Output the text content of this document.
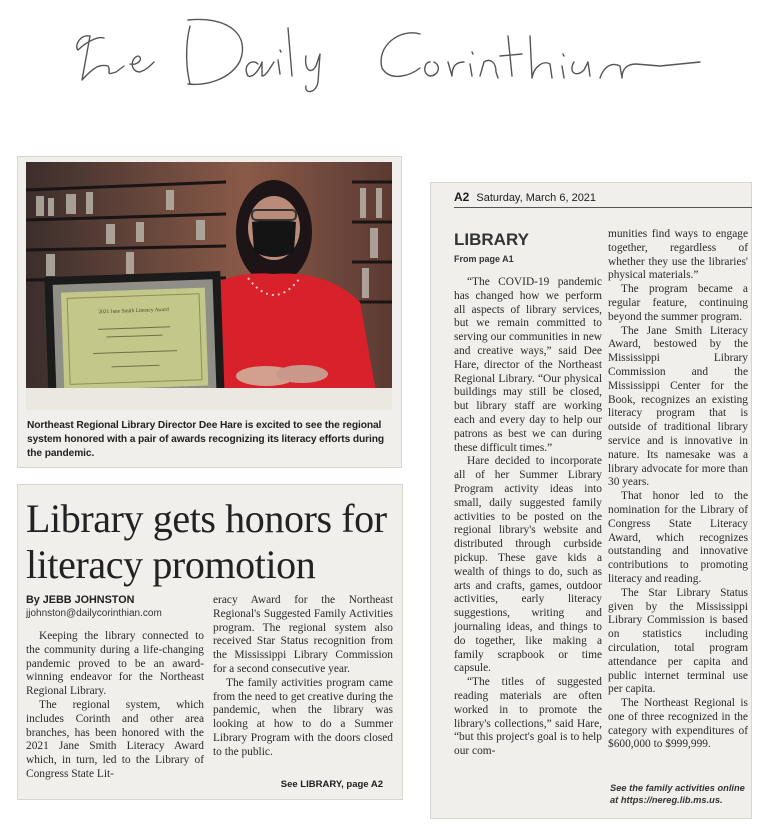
2021 Jane Smith Literacy Award
Northeast Regional Library Director Dee Hare is excited to see the regional system honored with a pair of awards recognizing its literacy efforts during the pandemic.
Library gets honors for literacy promotion
By JEBB JOHNSTON
jjohnston@dailycorinthian.com

Keeping the library connected to the community during a life-changing pandemic proved to be an award-winning endeavor for the Northeast Regional Library.

The regional system, which includes Corinth and other area branches, has been honored with the 2021 Jane Smith Literacy Award which, in turn, led to the Library of Congress State Lit-

eracy Award for the Northeast Regional's Suggested Family Activities program. The regional system also received Star Status recognition from the Mississippi Library Commission for a second consecutive year.

The family activities program came from the need to get creative during the pandemic, when the library was looking at how to do a Summer Library Program with the doors closed to the public.

See LIBRARY, page A2
A2 Saturday, March 6, 2021
LIBRARY
From page A1

“The COVID-19 pandemic has changed how we perform all aspects of library services, but we remain committed to serving our communities in new and creative ways,” said Dee Hare, director of the Northeast Regional Library. “Our physical buildings may still be closed, but library staff are working each and every day to help our patrons as best we can during these difficult times.”

Hare decided to incorporate all of her Summer Library Program activity ideas into small, daily suggested family activities to be posted on the regional library's website and distributed through curbside pickup. These gave kids a wealth of things to do, such as arts and crafts, games, outdoor activities, early literacy suggestions, writing and journaling ideas, and things to do together, like making a family scrapbook or time capsule.

“The titles of suggested reading materials are often worked in to promote the library's collections,” said Hare, “but this project's goal is to help our com-

munities find ways to engage together, regardless of whether they use the libraries' physical materials.”

The program became a regular feature, continuing beyond the summer program.

The Jane Smith Literacy Award, bestowed by the Mississippi Library Commission and the Mississippi Center for the Book, recognizes an existing literacy program that is outside of traditional library service and is innovative in nature. Its namesake was a library advocate for more than 30 years.

That honor led to the nomination for the Library of Congress State Literacy Award, which recognizes outstanding and innovative contributions to promoting literacy and reading.

The Star Library Status given by the Mississippi Library Commission is based on statistics including circulation, total program attendance per capita and public internet terminal use per capita.

The Northeast Regional is one of three recognized in the category with expenditures of $600,000 to $999,999.

See the family activities online at https://nereg.lib.ms.us.
